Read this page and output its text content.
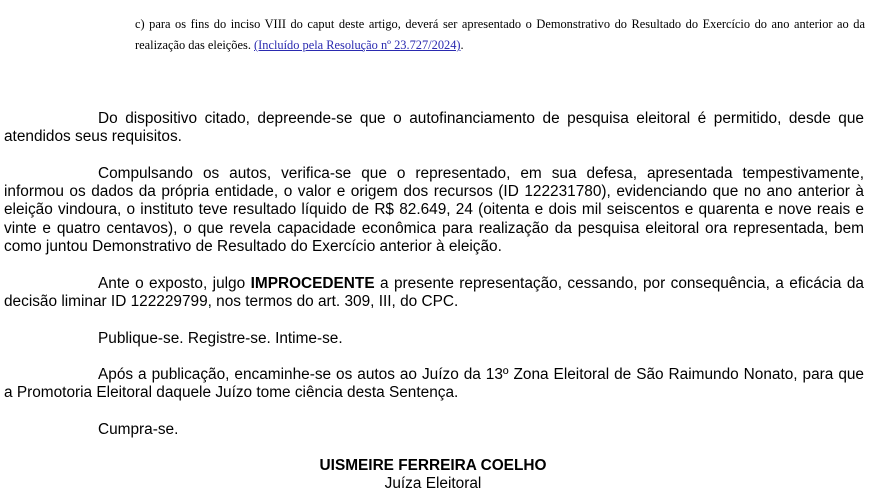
c) para os fins do inciso VIII do caput deste artigo, deverá ser apresentado o Demonstrativo do Resultado do Exercício do ano anterior ao da realização das eleições. (Incluído pela Resolução nº 23.727/2024).

Do dispositivo citado, depreende-se que o autofinanciamento de pesquisa eleitoral é permitido, desde que atendidos seus requisitos.

Compulsando os autos, verifica-se que o representado, em sua defesa, apresentada tempestivamente, informou os dados da própria entidade, o valor e origem dos recursos (ID 122231780), evidenciando que no ano anterior à eleição vindoura, o instituto teve resultado líquido de R$ 82.649, 24 (oitenta e dois mil seiscentos e quarenta e nove reais e vinte e quatro centavos), o que revela capacidade econômica para realização da pesquisa eleitoral ora representada, bem como juntou Demonstrativo de Resultado do Exercício anterior à eleição.

Ante o exposto, julgo IMPROCEDENTE a presente representação, cessando, por consequência, a eficácia da decisão liminar ID 122229799, nos termos do art. 309, III, do CPC.

Publique-se. Registre-se. Intime-se.

Após a publicação, encaminhe-se os autos ao Juízo da 13º Zona Eleitoral de São Raimundo Nonato, para que a Promotoria Eleitoral daquele Juízo tome ciência desta Sentença.

Cumpra-se.

UISMEIRE FERREIRA COELHO
Juíza Eleitoral
